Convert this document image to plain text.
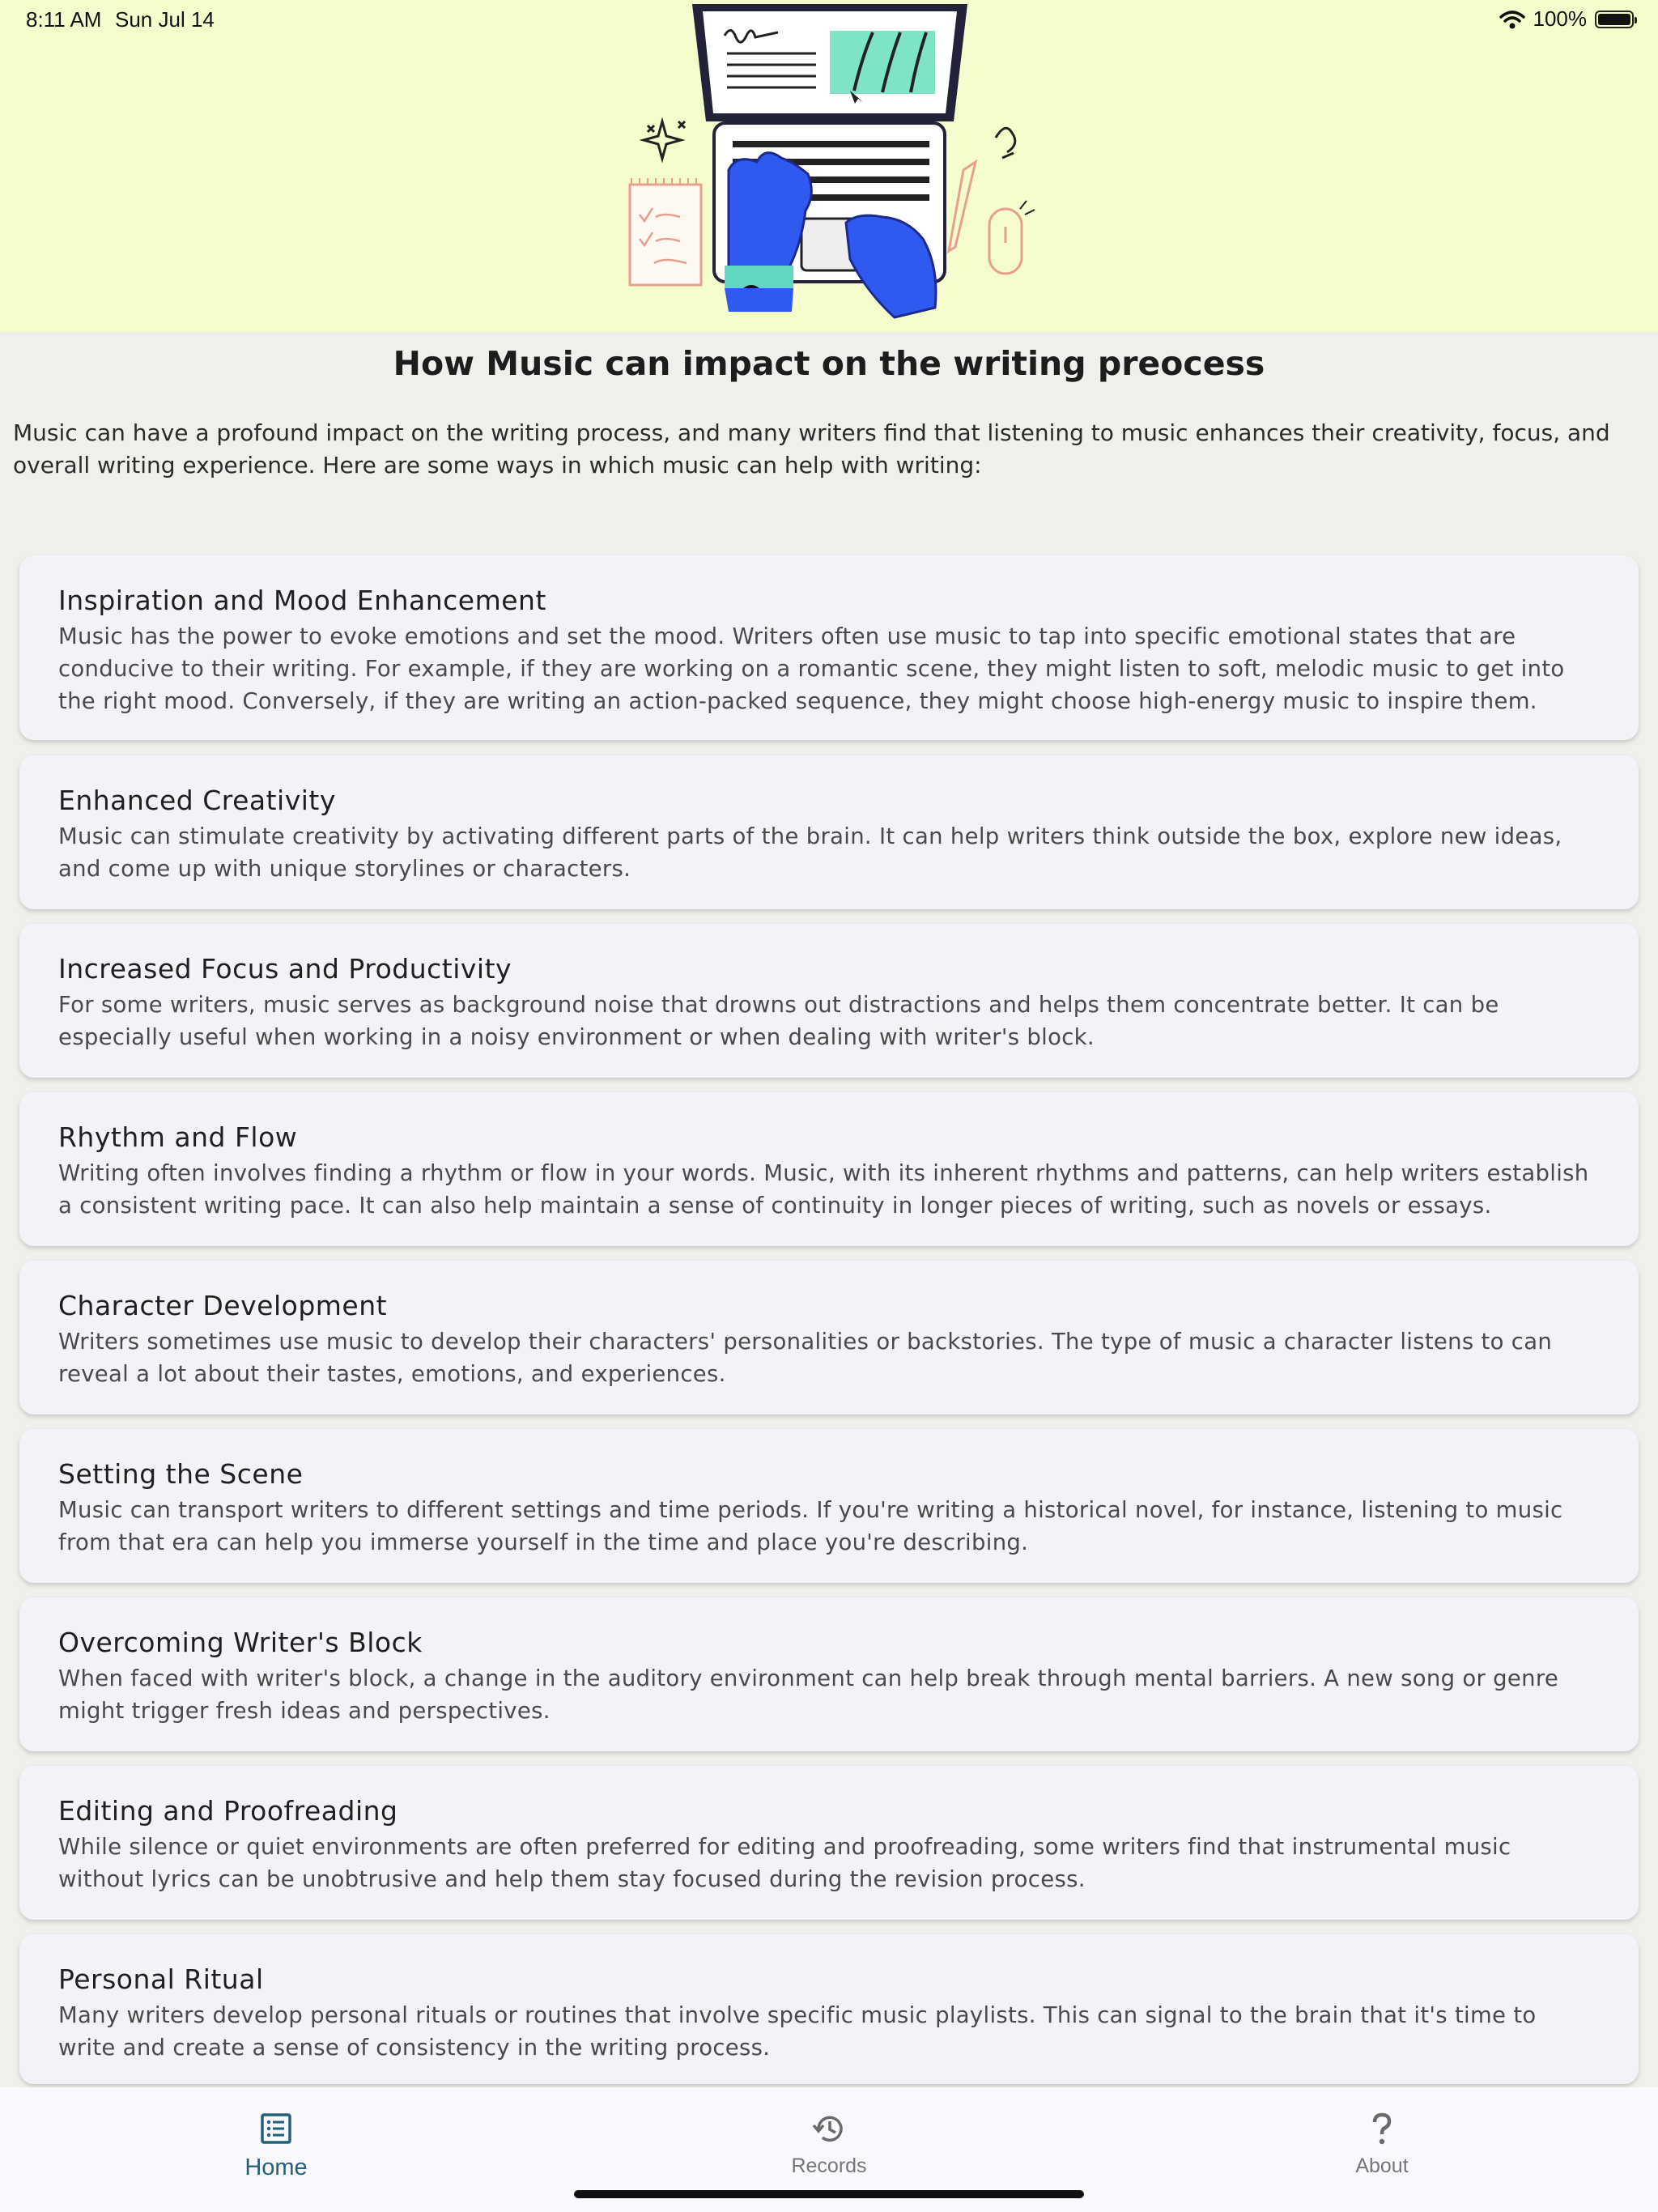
8:11 AM Sun Jul 14	100%
How Music can impact on the writing preocess
Music can have a profound impact on the writing process, and many writers find that listening to music enhances their creativity, focus, and overall writing experience. Here are some ways in which music can help with writing:
Inspiration and Mood Enhancement
Music has the power to evoke emotions and set the mood. Writers often use music to tap into specific emotional states that are conducive to their writing. For example, if they are working on a romantic scene, they might listen to soft, melodic music to get into the right mood. Conversely, if they are writing an action-packed sequence, they might choose high-energy music to inspire them.
Enhanced Creativity
Music can stimulate creativity by activating different parts of the brain. It can help writers think outside the box, explore new ideas, and come up with unique storylines or characters.
Increased Focus and Productivity
For some writers, music serves as background noise that drowns out distractions and helps them concentrate better. It can be especially useful when working in a noisy environment or when dealing with writer's block.
Rhythm and Flow
Writing often involves finding a rhythm or flow in your words. Music, with its inherent rhythms and patterns, can help writers establish a consistent writing pace. It can also help maintain a sense of continuity in longer pieces of writing, such as novels or essays.
Character Development
Writers sometimes use music to develop their characters' personalities or backstories. The type of music a character listens to can reveal a lot about their tastes, emotions, and experiences.
Setting the Scene
Music can transport writers to different settings and time periods. If you're writing a historical novel, for instance, listening to music from that era can help you immerse yourself in the time and place you're describing.
Overcoming Writer's Block
When faced with writer's block, a change in the auditory environment can help break through mental barriers. A new song or genre might trigger fresh ideas and perspectives.
Editing and Proofreading
While silence or quiet environments are often preferred for editing and proofreading, some writers find that instrumental music without lyrics can be unobtrusive and help them stay focused during the revision process.
Personal Ritual
Many writers develop personal rituals or routines that involve specific music playlists. This can signal to the brain that it's time to write and create a sense of consistency in the writing process.
Home	Records	About
